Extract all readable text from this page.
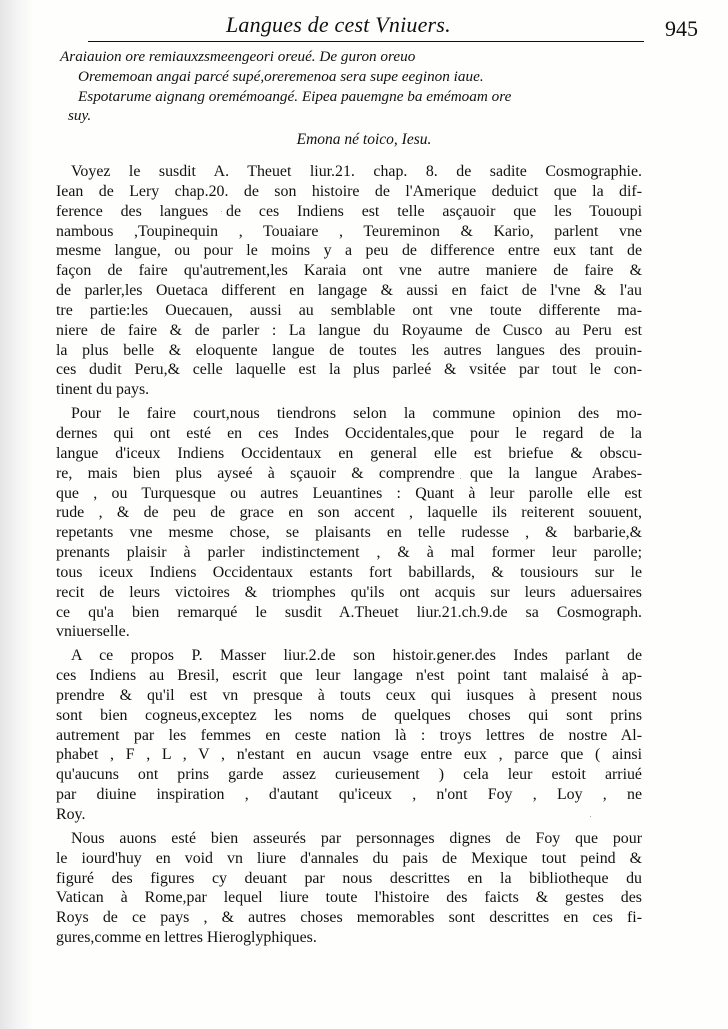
Langues de cest Vniuers.	945
Araiauion ore remiauxzsmeengeori oreué. De guron oreuo
Orememoan angai parcé supé,oreremenoa sera supe eeginon iaue.
Espotarume aignang oremémoangé. Eipea pauemgne ba emémoam ore
suy.
Emona né toico, Iesu.

Voyez le susdit A. Theuet liur.21. chap. 8. de sadite Cosmographie.
Iean de Lery chap.20. de son histoire de l'Amerique deduict que la dif-
ference des langues de ces Indiens est telle asçauoir que les Tououpi
nambous ,Toupinequin , Touaiare , Teureminon & Kario, parlent vne
mesme langue, ou pour le moins y a peu de difference entre eux tant de
façon de faire qu'autrement,les Karaia ont vne autre maniere de faire &
de parler,les Ouetaca different en langage & aussi en faict de l'vne & l'au
tre partie:les Ouecauen, aussi au semblable ont vne toute differente ma-
niere de faire & de parler : La langue du Royaume de Cusco au Peru est
la plus belle & eloquente langue de toutes les autres langues des prouin-
ces dudit Peru,& celle laquelle est la plus parleé & vsitée par tout le con-
tinent du pays.

Pour le faire court,nous tiendrons selon la commune opinion des mo-
dernes qui ont esté en ces Indes Occidentales,que pour le regard de la
langue d'iceux Indiens Occidentaux en general elle est briefue & obscu-
re, mais bien plus ayseé à sçauoir & comprendre que la langue Arabes-
que , ou Turquesque ou autres Leuantines : Quant à leur parolle elle est
rude , & de peu de grace en son accent , laquelle ils reiterent souuent,
repetants vne mesme chose, se plaisants en telle rudesse , & barbarie,&
prenants plaisir à parler indistinctement , & à mal former leur parolle;
tous iceux Indiens Occidentaux estants fort babillards, & tousiours sur le
recit de leurs victoires & triomphes qu'ils ont acquis sur leurs aduersaires
ce qu'a bien remarqué le susdit A.Theuet liur.21.ch.9.de sa Cosmograph.
vniuerselle.

A ce propos P. Masser liur.2.de son histoir.gener.des Indes parlant de
ces Indiens au Bresil, escrit que leur langage n'est point tant malaisé à ap-
prendre & qu'il est vn presque à touts ceux qui iusques à present nous
sont bien cogneus,exceptez les noms de quelques choses qui sont prins
autrement par les femmes en ceste nation là : troys lettres de nostre Al-
phabet , F , L , V , n'estant en aucun vsage entre eux , parce que ( ainsi
qu'aucuns ont prins garde assez curieusement ) cela leur estoit arriué
par diuine inspiration , d'autant qu'iceux , n'ont Foy , Loy , ne
Roy.

Nous auons esté bien asseurés par personnages dignes de Foy que pour
le iourd'huy en void vn liure d'annales du pais de Mexique tout peind &
figuré des figures cy deuant par nous descrittes en la bibliotheque du
Vatican à Rome,par lequel liure toute l'histoire des faicts & gestes des
Roys de ce pays , & autres choses memorables sont descrittes en ces fi-
gures,comme en lettres Hieroglyphiques.
